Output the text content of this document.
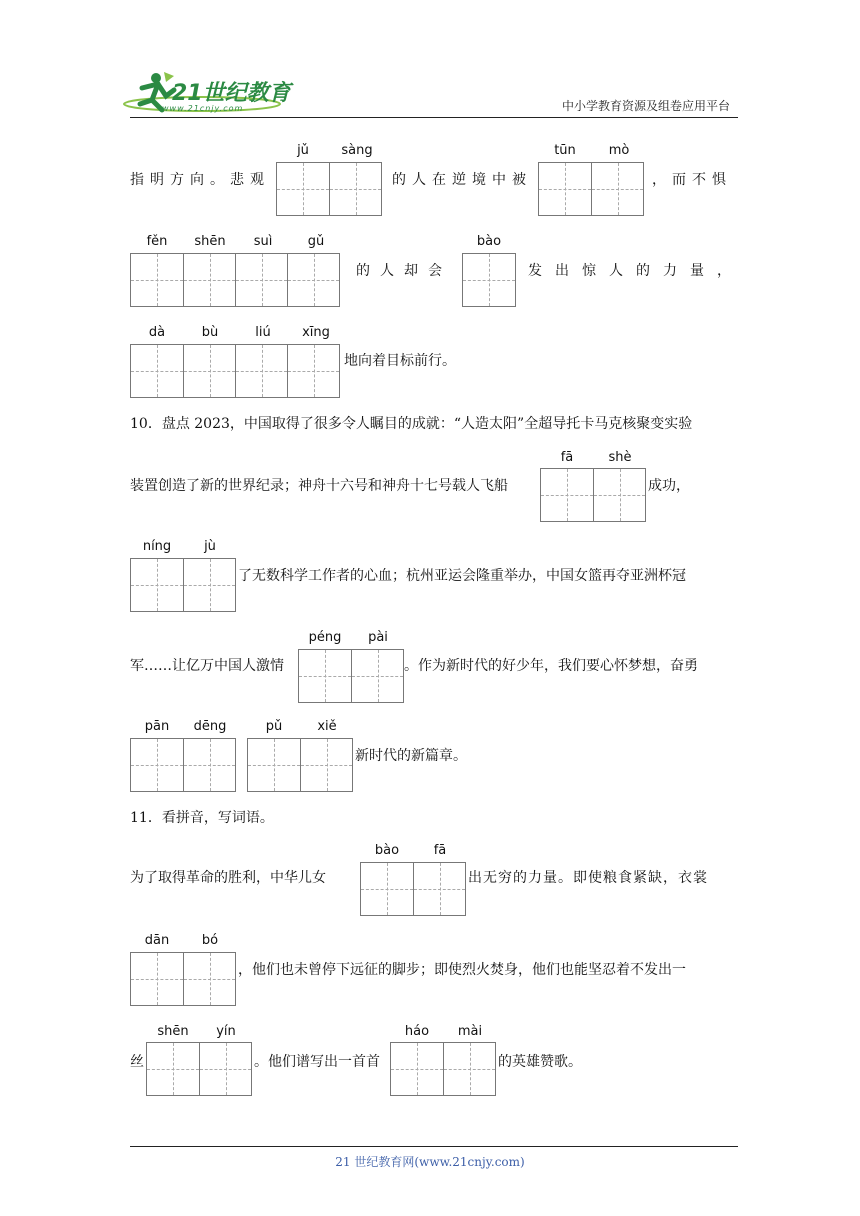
21世纪教育
www.21cnjy.com	中小学教育资源及组卷应用平台
指明方向。悲观
jǔ	sàng
的人在逆境中被
tūn	mò
，而不惧
fěn	shēn	suì	gǔ
的人却会
bào
发出惊人的力量，
dà	bù	liú	xīng
地向着目标前行。
10．盘点 2023，中国取得了很多令人瞩目的成就：“人造太阳”全超导托卡马克核聚变实验
装置创造了新的世界纪录；神舟十六号和神舟十七号载人飞船
fā	shè
成功，
níng	jù
了无数科学工作者的心血；杭州亚运会隆重举办，中国女篮再夺亚洲杯冠
军……让亿万中国人激情
péng	pài
。作为新时代的好少年，我们要心怀梦想，奋勇
pān	dēng	pǔ	xiě
新时代的新篇章。
11．看拼音，写词语。
为了取得革命的胜利，中华儿女
bào	fā
出无穷的力量。即使粮食紧缺，衣裳
dān	bó
，他们也未曾停下远征的脚步；即使烈火焚身，他们也能坚忍着不发出一
丝
shēn	yín
。他们谱写出一首首
háo	mài
的英雄赞歌。
21 世纪教育网(www.21cnjy.com)
